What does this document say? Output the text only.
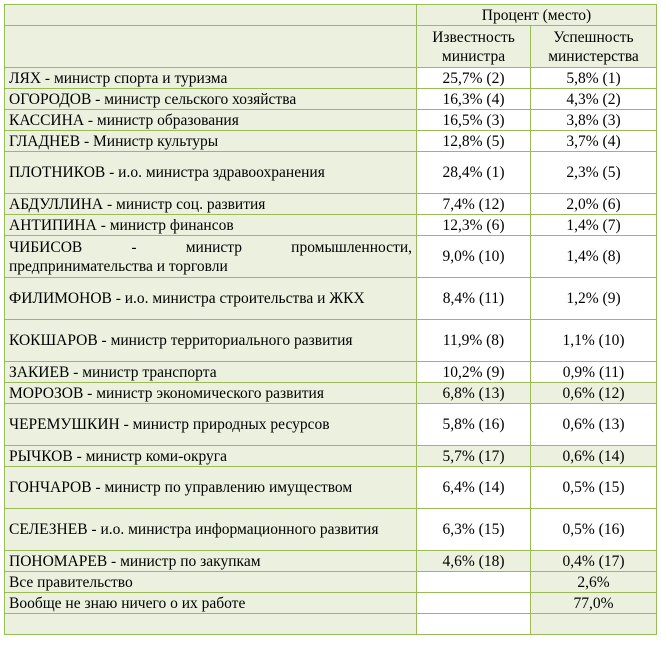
	Процент (место)	
	Известность министра	Успешность министерства
ЛЯХ - министр спорта и туризма	25,7% (2)	5,8% (1)
ОГОРОДОВ - министр сельского хозяйства	16,3% (4)	4,3% (2)
КАССИНА - министр образования	16,5% (3)	3,8% (3)
ГЛАДНЕВ - Министр культуры	12,8% (5)	3,7% (4)
ПЛОТНИКОВ - и.о. министра здравоохранения	28,4% (1)	2,3% (5)
АБДУЛЛИНА - министр соц. развития	7,4% (12)	2,0% (6)
АНТИПИНА - министр финансов	12,3% (6)	1,4% (7)
ЧИБИСОВ - министр промышленности, предпринимательства и торговли	9,0% (10)	1,4% (8)
ФИЛИМОНОВ - и.о. министра строительства и ЖКХ	8,4% (11)	1,2% (9)
КОКШАРОВ - министр территориального развития	11,9% (8)	1,1% (10)
ЗАКИЕВ - министр транспорта	10,2% (9)	0,9% (11)
МОРОЗОВ - министр экономического развития	6,8% (13)	0,6% (12)
ЧЕРЕМУШКИН - министр природных ресурсов	5,8% (16)	0,6% (13)
РЫЧКОВ - министр коми-округа	5,7% (17)	0,6% (14)
ГОНЧАРОВ - министр по управлению имуществом	6,4% (14)	0,5% (15)
СЕЛЕЗНЕВ - и.о. министра информационного развития	6,3% (15)	0,5% (16)
ПОНОМАРЕВ - министр по закупкам	4,6% (18)	0,4% (17)
Все правительство		2,6%
Вообще не знаю ничего о их работе		77,0%
